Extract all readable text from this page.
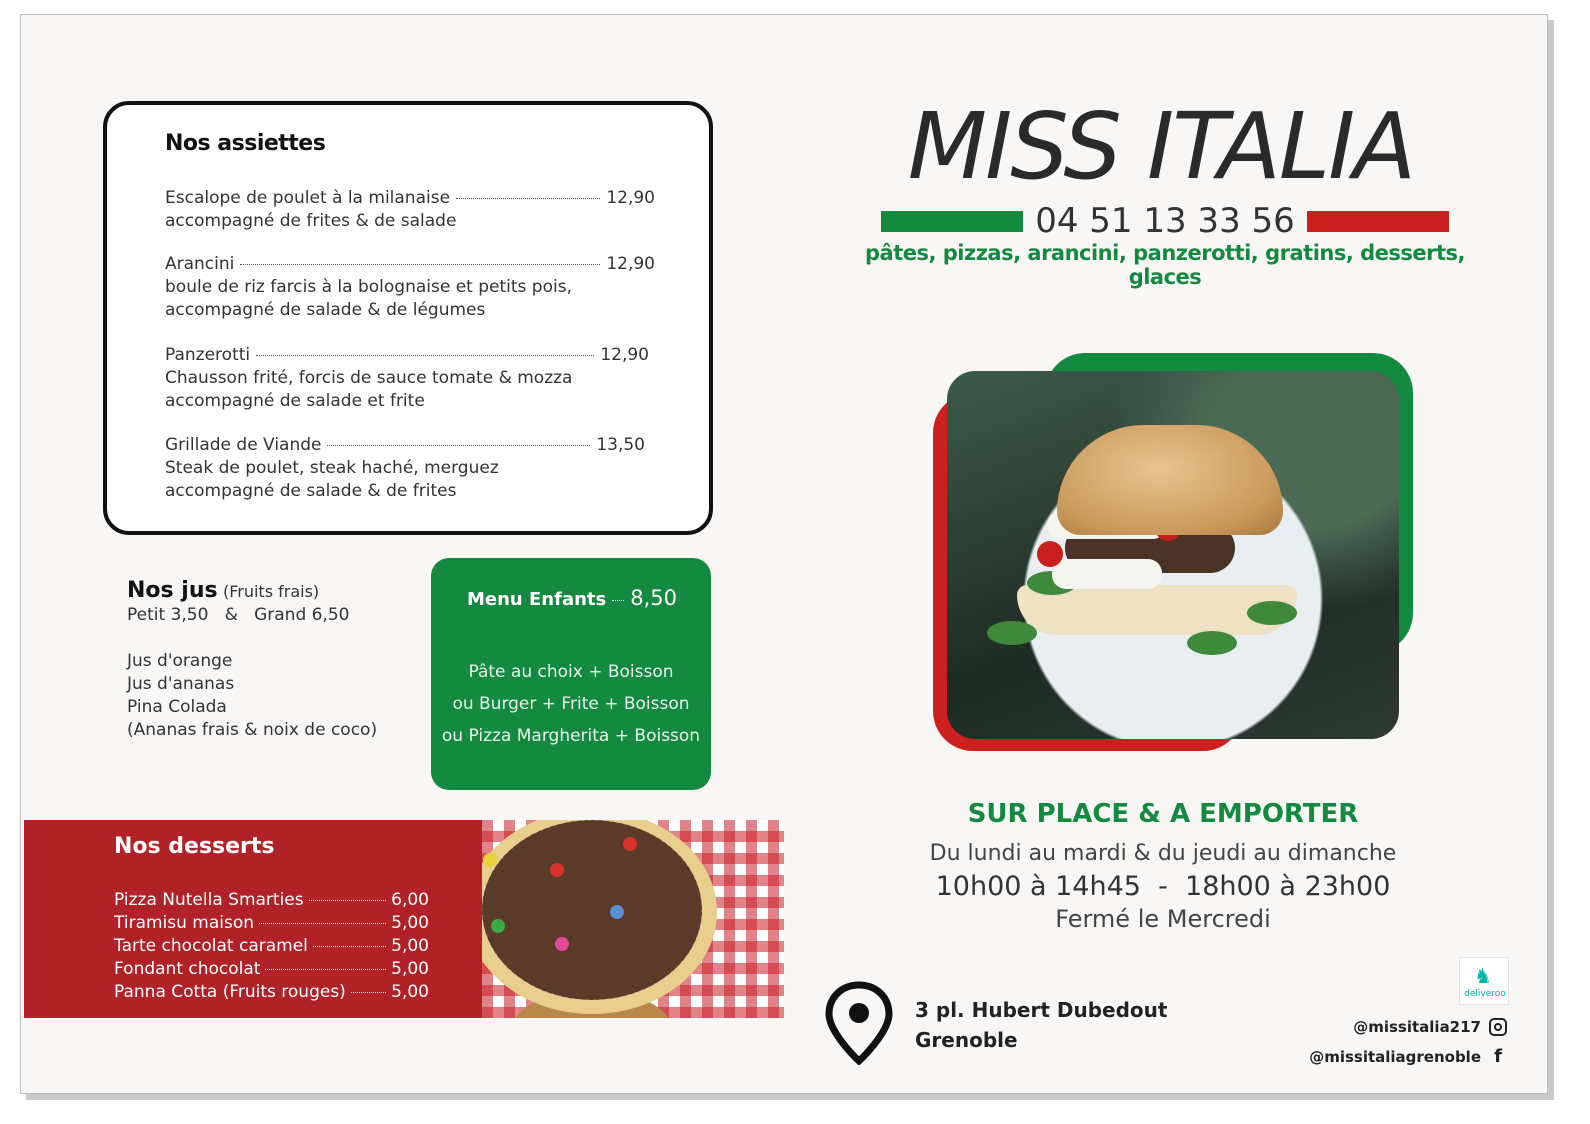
Nos assiettes
Escalope de poulet à la milanaise	12,90
accompagné de frites & de salade
Arancini	12,90
boule de riz farcis à la bolognaise et petits pois,
accompagné de salade & de légumes
Panzerotti	12,90
Chausson frité, forcis de sauce tomate & mozza
accompagné de salade et frite
Grillade de Viande	13,50
Steak de poulet, steak haché, merguez
accompagné de salade & de frites
Nos jus (Fruits frais)
Petit 3,50   &   Grand 6,50
Jus d'orange
Jus d'ananas
Pina Colada
(Ananas frais & noix de coco)
Menu Enfants 8,50
Pâte au choix + Boisson
ou Burger + Frite + Boisson
ou Pizza Margherita + Boisson
Nos desserts
Pizza Nutella Smarties	6,00
Tiramisu maison	5,00
Tarte chocolat caramel	5,00
Fondant chocolat	5,00
Panna Cotta (Fruits rouges)	5,00
MISS ITALIA
04 51 13 33 56
pâtes, pizzas, arancini, panzerotti, gratins, desserts, glaces
SUR PLACE & A EMPORTER
Du lundi au mardi & du jeudi au dimanche
10h00 à 14h45  -  18h00 à 23h00
Fermé le Mercredi
3 pl. Hubert Dubedout
Grenoble
♞
deliveroo
@missitalia217
@missitaliagrenoble f
